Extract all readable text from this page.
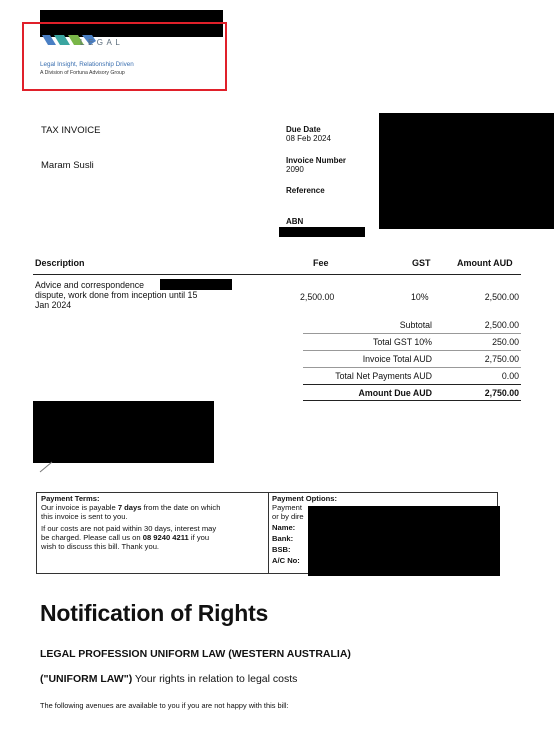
LEGAL
Legal Insight, Relationship Driven
A Division of Fortuna Advisory Group
TAX INVOICE
Maram Susli
Due Date
08 Feb 2024
Invoice Number
2090
Reference
ABN
Description	Fee	GST	Amount AUD
Advice and correspondence
dispute, work done from inception until 15
Jan 2024
2,500.00	10%	2,500.00
Subtotal	2,500.00
Total GST 10%	250.00
Invoice Total AUD	2,750.00
Total Net Payments AUD	0.00
Amount Due AUD	2,750.00
Payment Terms:
Our invoice is payable 7 days from the date on which
this invoice is sent to you.
If our costs are not paid within 30 days, interest may
be charged. Please call us on 08 9240 4211 if you
wish to discuss this bill. Thank you.
Payment Options:
Payment
or by dire
Name:
Bank:
BSB:
A/C No:
Notification of Rights
LEGAL PROFESSION UNIFORM LAW (WESTERN AUSTRALIA)
("UNIFORM LAW") Your rights in relation to legal costs
The following avenues are available to you if you are not happy with this bill:
